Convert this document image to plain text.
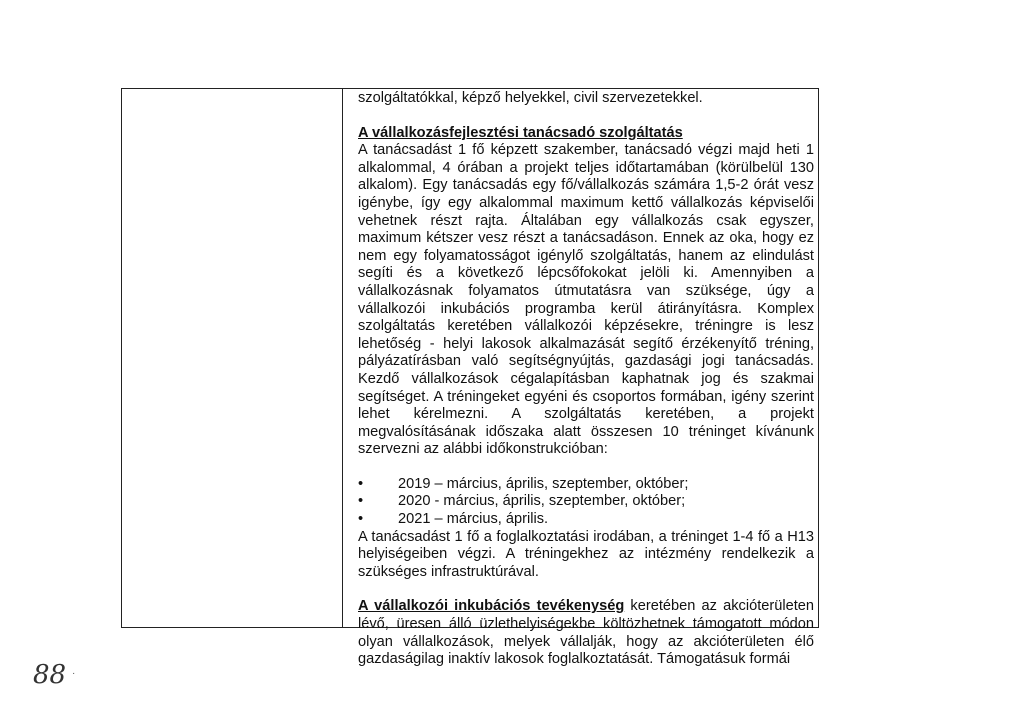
szolgáltatókkal, képző helyekkel, civil szervezetekkel.

A vállalkozásfejlesztési tanácsadó szolgáltatás

A tanácsadást 1 fő képzett szakember, tanácsadó végzi majd heti 1 alkalommal, 4 órában a projekt teljes időtartamában (körülbelül 130 alkalom). Egy tanácsadás egy fő/vállalkozás számára 1,5-2 órát vesz igénybe, így egy alkalommal maximum kettő vállalkozás képviselői vehetnek részt rajta. Általában egy vállalkozás csak egyszer, maximum kétszer vesz részt a tanácsadáson. Ennek az oka, hogy ez nem egy folyamatosságot igénylő szolgáltatás, hanem az elindulást segíti és a következő lépcsőfokokat jelöli ki. Amennyiben a vállalkozásnak folyamatos útmutatásra van szüksége, úgy a vállalkozói inkubációs programba kerül átirányításra. Komplex szolgáltatás keretében vállalkozói képzésekre, tréningre is lesz lehetőség - helyi lakosok alkalmazását segítő érzékenyítő tréning, pályázatírásban való segítségnyújtás, gazdasági jogi tanácsadás. Kezdő vállalkozások cégalapításban kaphatnak jog és szakmai segítséget. A tréningeket egyéni és csoportos formában, igény szerint lehet kérelmezni. A szolgáltatás keretében, a projekt megvalósításának időszaka alatt összesen 10 tréninget kívánunk szervezni az alábbi időkonstrukcióban:

• 2019 – március, április, szeptember, október;
• 2020 - március, április, szeptember, október;
• 2021 – március, április.

A tanácsadást 1 fő a foglalkoztatási irodában, a tréninget 1-4 fő a H13 helyiségeiben végzi. A tréningekhez az intézmény rendelkezik a szükséges infrastruktúrával.

A vállalkozói inkubációs tevékenység keretében az akcióterületen lévő, üresen álló üzlethelyiségekbe költözhetnek támogatott módon olyan vállalkozások, melyek vállalják, hogy az akcióterületen élő gazdaságilag inaktív lakosok foglalkoztatását. Támogatásuk formái

88 ·
